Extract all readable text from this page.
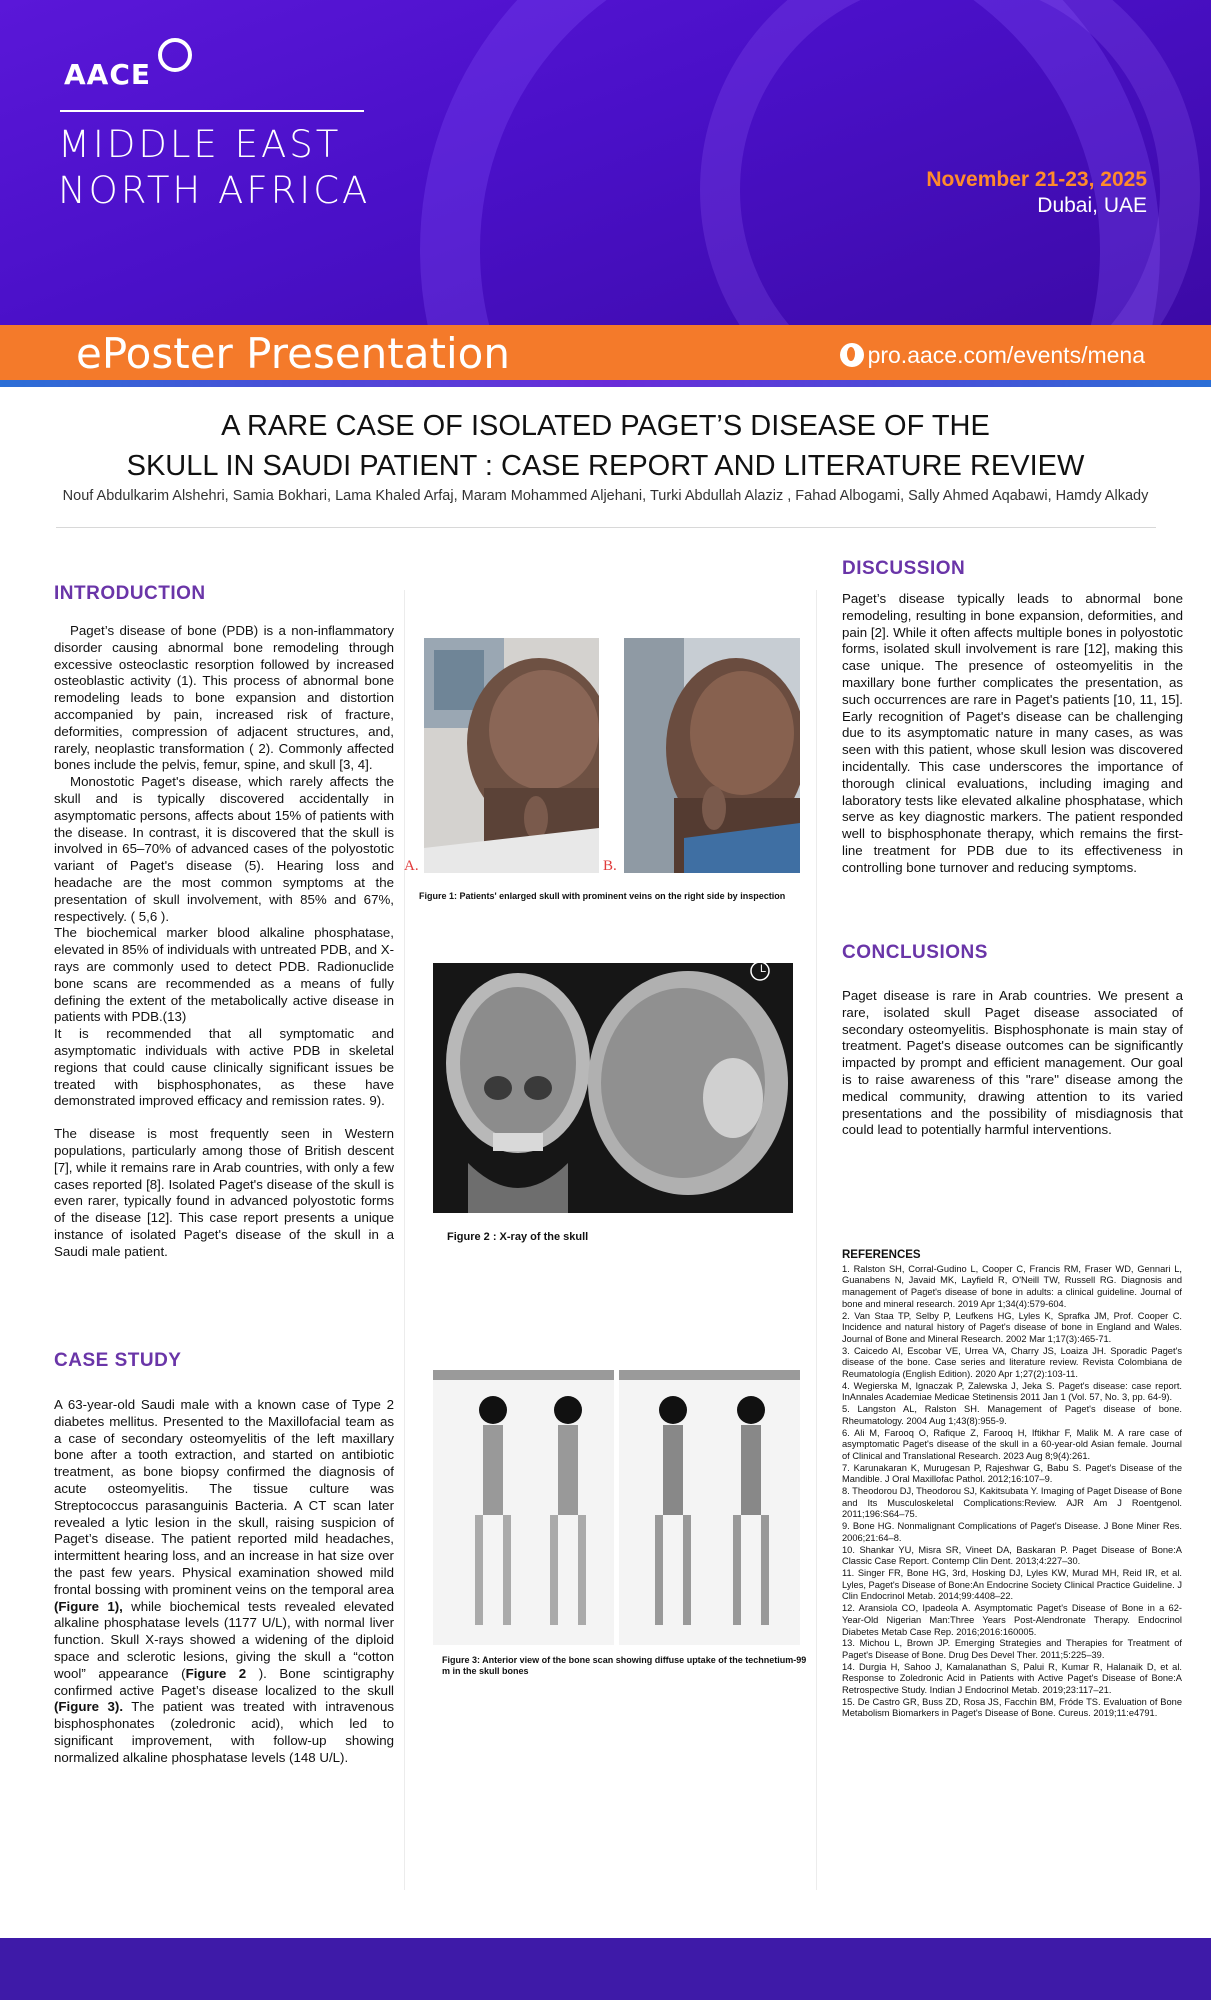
AACE
MIDDLE EAST
NORTH AFRICA	November 21-23, 2025
Dubai, UAE
ePoster Presentation	pro.aace.com/events/mena
A RARE CASE OF ISOLATED PAGET’S DISEASE OF THE
SKULL IN SAUDI PATIENT : CASE REPORT AND LITERATURE REVIEW
Nouf Abdulkarim Alshehri, Samia Bokhari, Lama Khaled Arfaj, Maram Mohammed Aljehani, Turki Abdullah Alaziz , Fahad Albogami, Sally Ahmed Aqabawi, Hamdy Alkady
INTRODUCTION

Paget’s disease of bone (PDB) is a non-inflammatory disorder causing abnormal bone remodeling through excessive osteoclastic resorption followed by increased osteoblastic activity (1). This process of abnormal bone remodeling leads to bone expansion and distortion accompanied by pain, increased risk of fracture, deformities, compression of adjacent structures, and, rarely, neoplastic transformation ( 2). Commonly affected bones include the pelvis, femur, spine, and skull [3, 4].

Monostotic Paget's disease, which rarely affects the skull and is typically discovered accidentally in asymptomatic persons, affects about 15% of patients with the disease. In contrast, it is discovered that the skull is involved in 65–70% of advanced cases of the polyostotic variant of Paget's disease (5). Hearing loss and headache are the most common symptoms at the presentation of skull involvement, with 85% and 67%, respectively. ( 5,6 ).

The biochemical marker blood alkaline phosphatase, elevated in 85% of individuals with untreated PDB, and X-rays are commonly used to detect PDB. Radionuclide bone scans are recommended as a means of fully defining the extent of the metabolically active disease in patients with PDB.(13)

It is recommended that all symptomatic and asymptomatic individuals with active PDB in skeletal regions that could cause clinically significant issues be treated with bisphosphonates, as these have demonstrated improved efficacy and remission rates. 9).

The disease is most frequently seen in Western populations, particularly among those of British descent [7], while it remains rare in Arab countries, with only a few cases reported [8]. Isolated Paget's disease of the skull is even rarer, typically found in advanced polyostotic forms of the disease [12]. This case report presents a unique instance of isolated Paget's disease of the skull in a Saudi male patient.

CASE STUDY

A 63-year-old Saudi male with a known case of Type 2 diabetes mellitus. Presented to the Maxillofacial team as a case of secondary osteomyelitis of the left maxillary bone after a tooth extraction, and started on antibiotic treatment, as bone biopsy confirmed the diagnosis of acute osteomyelitis. The tissue culture was Streptococcus parasanguinis Bacteria. A CT scan later revealed a lytic lesion in the skull, raising suspicion of Paget’s disease. The patient reported mild headaches, intermittent hearing loss, and an increase in hat size over the past few years. Physical examination showed mild frontal bossing with prominent veins on the temporal area (Figure 1), while biochemical tests revealed elevated alkaline phosphatase levels (1177 U/L), with normal liver function. Skull X-rays showed a widening of the diploid space and sclerotic lesions, giving the skull a “cotton wool” appearance (Figure 2 ). Bone scintigraphy confirmed active Paget’s disease localized to the skull (Figure 3). The patient was treated with intravenous bisphosphonates (zoledronic acid), which led to significant improvement, with follow-up showing normalized alkaline phosphatase levels (148 U/L).

A.	B.
Figure 1: Patients' enlarged skull with prominent veins on the right side by inspection
L
Figure 2 : X-ray of the skull
Figure 3: Anterior view of the bone scan showing diffuse uptake of the technetium-99 m in the skull bones
DISCUSSION
Paget’s disease typically leads to abnormal bone remodeling, resulting in bone expansion, deformities, and pain [2]. While it often affects multiple bones in polyostotic forms, isolated skull involvement is rare [12], making this case unique. The presence of osteomyelitis in the maxillary bone further complicates the presentation, as such occurrences are rare in Paget's patients [10, 11, 15]. Early recognition of Paget's disease can be challenging due to its asymptomatic nature in many cases, as was seen with this patient, whose skull lesion was discovered incidentally. This case underscores the importance of thorough clinical evaluations, including imaging and laboratory tests like elevated alkaline phosphatase, which serve as key diagnostic markers. The patient responded well to bisphosphonate therapy, which remains the first-line treatment for PDB due to its effectiveness in controlling bone turnover and reducing symptoms.
CONCLUSIONS
Paget disease is rare in Arab countries. We present a rare, isolated skull Paget disease associated of secondary osteomyelitis. Bisphosphonate is main stay of treatment. Paget's disease outcomes can be significantly impacted by prompt and efficient management. Our goal is to raise awareness of this "rare" disease among the medical community, drawing attention to its varied presentations and the possibility of misdiagnosis that could lead to potentially harmful interventions.
REFERENCES

1. Ralston SH, Corral-Gudino L, Cooper C, Francis RM, Fraser WD, Gennari L, Guanabens N, Javaid MK, Layfield R, O'Neill TW, Russell RG. Diagnosis and management of Paget's disease of bone in adults: a clinical guideline. Journal of bone and mineral research. 2019 Apr 1;34(4):579-604.

2. Van Staa TP, Selby P, Leufkens HG, Lyles K, Sprafka JM, Prof. Cooper C. Incidence and natural history of Paget's disease of bone in England and Wales. Journal of Bone and Mineral Research. 2002 Mar 1;17(3):465-71.

3. Caicedo AI, Escobar VE, Urrea VA, Charry JS, Loaiza JH. Sporadic Paget's disease of the bone. Case series and literature review. Revista Colombiana de Reumatología (English Edition). 2020 Apr 1;27(2):103-11.

4. Wegierska M, Ignaczak P, Zalewska J, Jeka S. Paget's disease: case report. InAnnales Academiae Medicae Stetinensis 2011 Jan 1 (Vol. 57, No. 3, pp. 64-9).

5. Langston AL, Ralston SH. Management of Paget's disease of bone. Rheumatology. 2004 Aug 1;43(8):955-9.

6. Ali M, Farooq O, Rafique Z, Farooq H, Iftikhar F, Malik M. A rare case of asymptomatic Paget's disease of the skull in a 60-year-old Asian female. Journal of Clinical and Translational Research. 2023 Aug 8;9(4):261.

7. Karunakaran K, Murugesan P, Rajeshwar G, Babu S. Paget's Disease of the Mandible. J Oral Maxillofac Pathol. 2012;16:107–9.

8. Theodorou DJ, Theodorou SJ, Kakitsubata Y. Imaging of Paget Disease of Bone and Its Musculoskeletal Complications:Review. AJR Am J Roentgenol. 2011;196:S64–75.

9. Bone HG. Nonmalignant Complications of Paget's Disease. J Bone Miner Res. 2006;21:64–8.

10. Shankar YU, Misra SR, Vineet DA, Baskaran P. Paget Disease of Bone:A Classic Case Report. Contemp Clin Dent. 2013;4:227–30.

11. Singer FR, Bone HG, 3rd, Hosking DJ, Lyles KW, Murad MH, Reid IR, et al. Lyles, Paget's Disease of Bone:An Endocrine Society Clinical Practice Guideline. J Clin Endocrinol Metab. 2014;99:4408–22.

12. Aransiola CO, Ipadeola A. Asymptomatic Paget's Disease of Bone in a 62-Year-Old Nigerian Man:Three Years Post-Alendronate Therapy. Endocrinol Diabetes Metab Case Rep. 2016;2016:160005.

13. Michou L, Brown JP. Emerging Strategies and Therapies for Treatment of Paget's Disease of Bone. Drug Des Devel Ther. 2011;5:225–39.

14. Durgia H, Sahoo J, Kamalanathan S, Palui R, Kumar R, Halanaik D, et al. Response to Zoledronic Acid in Patients with Active Paget's Disease of Bone:A Retrospective Study. Indian J Endocrinol Metab. 2019;23:117–21.

15. De Castro GR, Buss ZD, Rosa JS, Facchin BM, Fróde TS. Evaluation of Bone Metabolism Biomarkers in Paget's Disease of Bone. Cureus. 2019;11:e4791.
